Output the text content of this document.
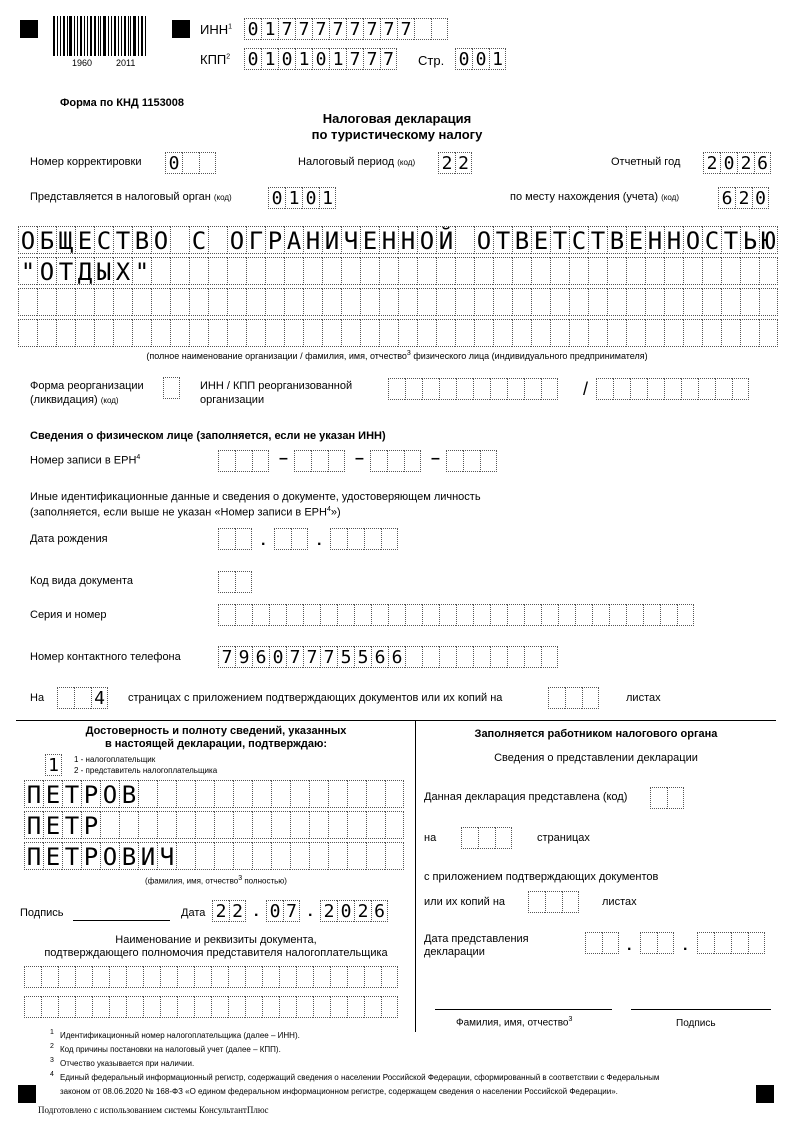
1960	2011
ИНН$^1$ 0 1 7 7 7 7 7 7 7 7
КПП$^2$ 0 1 0 1 0 1 7 7 7 Стр. 0 0 1
Форма по КНД 1153008
Налоговая декларация
по туристическому налогу
Номер корректировки 0	Налоговый период (код) 2 2	Отчетный год 2 0 2 6
Представляется в налоговый орган (код) 0 1 0 1	по месту нахождения (учета) (код) 6 2 0
О Б Щ Е С Т В О С О Г Р А Н И Ч Е Н Н О Й О Т В Е Т С Т В Е Н Н О С Т Ь Ю
" О Т Д Ы Х "
(полное наименование организации / фамилия, имя, отчество$^3$ физического лица (индивидуального предпринимателя)
Форма реорганизации
(ликвидация) (код)
ИНН / КПП реорганизованной
организации
/
Сведения о физическом лице (заполняется, если не указан ИНН)
Номер записи в ЕРН$^4$	–	–	–
Иные идентификационные данные и сведения о документе, удостоверяющем личность
(заполняется, если выше не указан «Номер записи в ЕРН$^4$»)
Дата рождения	.	.
Код вида документа
Серия и номер
Номер контактного телефона 7 9 6 0 7 7 7 5 5 6 6
На	4 страницах с приложением подтверждающих документов или их копий на	листах
Достоверность и полноту сведений, указанных
в настоящей декларации, подтверждаю:
1	1 - налогоплательщик
2 - представитель налогоплательщика
П Е Т Р О В
П Е Т Р
П Е Т Р О В И Ч
(фамилия, имя, отчество$^3$ полностью)
Подпись	Дата 2 2 . 0 7 . 2 0 2 6
Наименование и реквизиты документа,
подтверждающего полномочия представителя налогоплательщика
Заполняется работником налогового органа
Сведения о представлении декларации
Данная декларация представлена (код)
на	страницах
с приложением подтверждающих документов
или их копий на	листах
Дата представления
декларации	.	.
Фамилия, имя, отчество$^3$	Подпись
1 Идентификационный номер налогоплательщика (далее – ИНН).
2 Код причины постановки на налоговый учет (далее – КПП).
3 Отчество указывается при наличии.
4 Единый федеральный информационный регистр, содержащий сведения о населении Российской Федерации, сформированный в соответствии с Федеральным
законом от 08.06.2020 № 168-ФЗ «О едином федеральном информационном регистре, содержащем сведения о населении Российской Федерации».
Подготовлено с использованием системы КонсультантПлюс
